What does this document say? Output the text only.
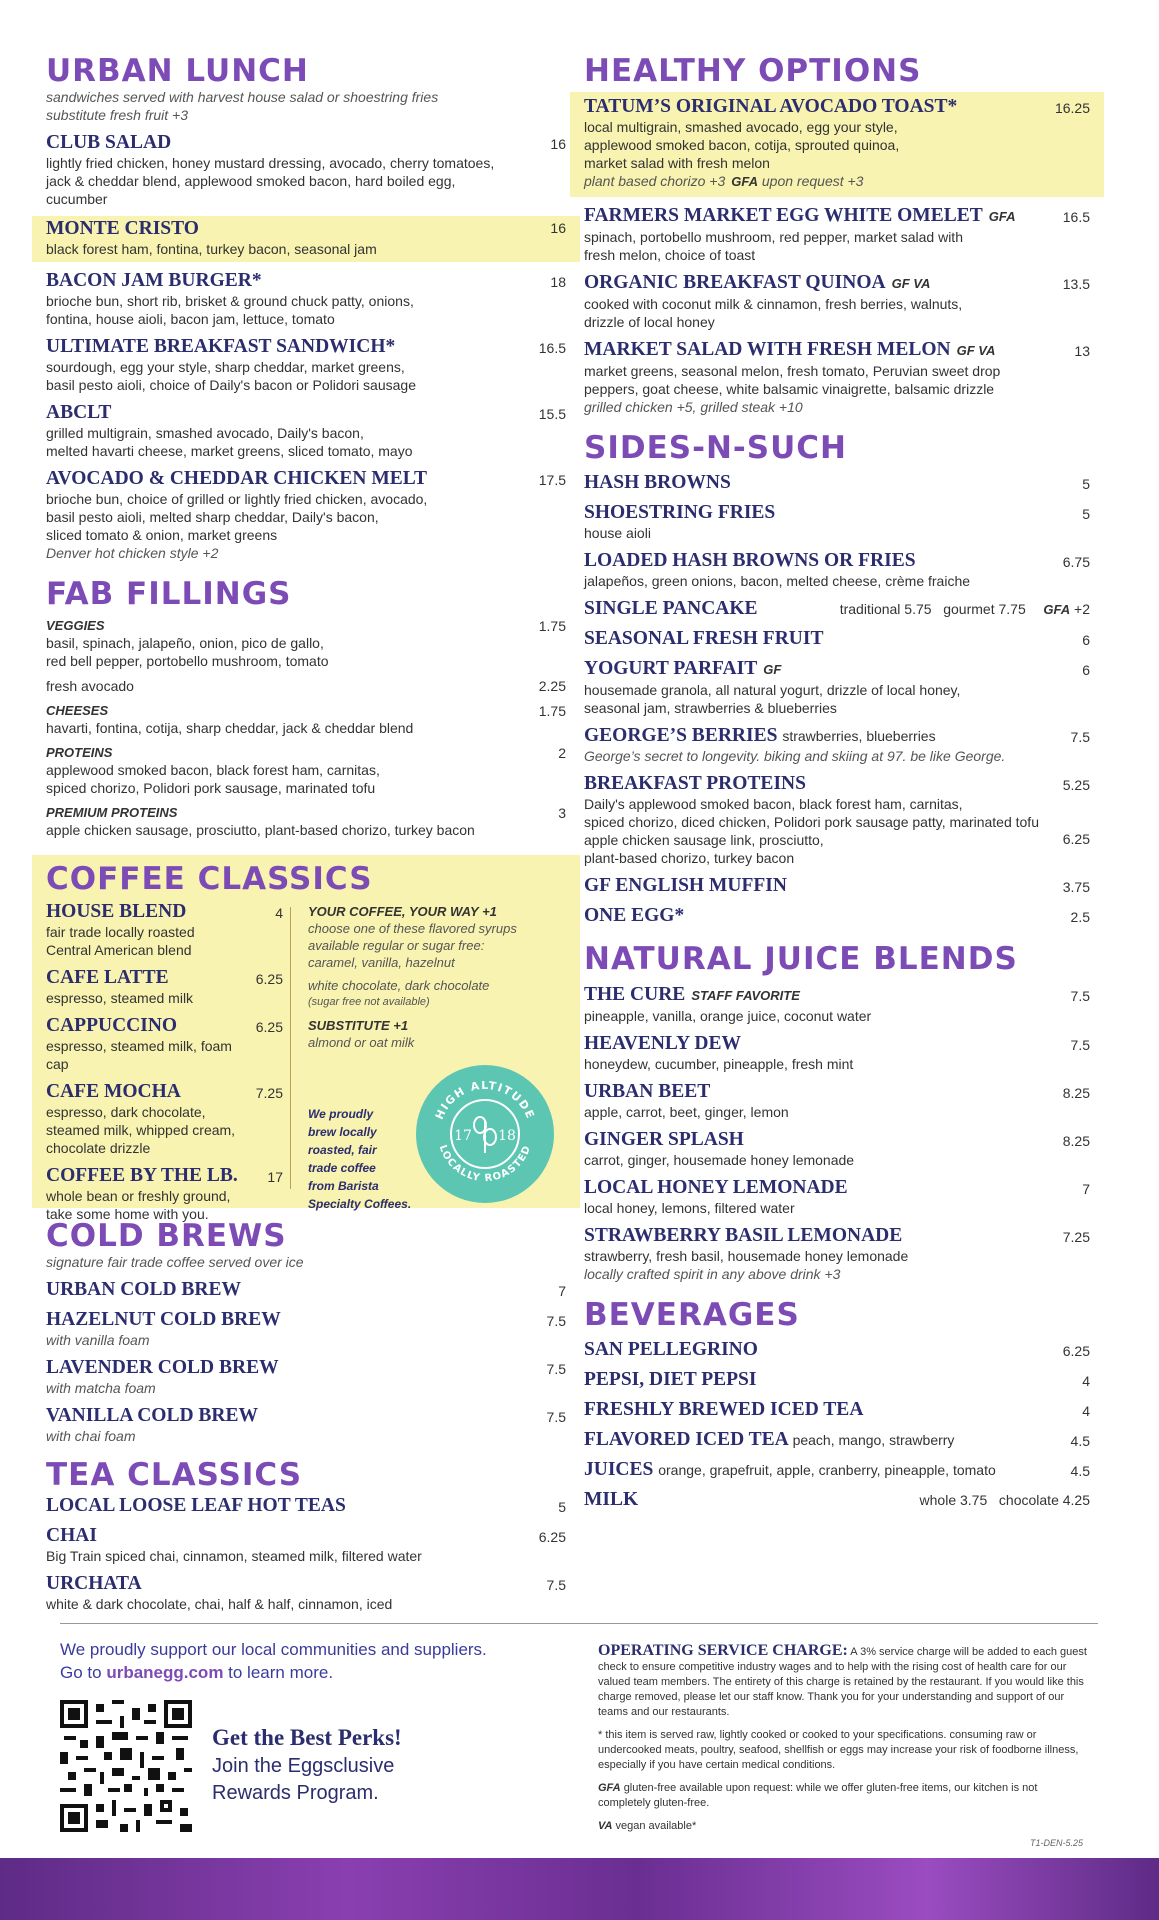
URBAN LUNCH
sandwiches served with harvest house salad or shoestring fries
substitute fresh fruit +3
CLUB SALAD	16
lightly fried chicken, honey mustard dressing, avocado, cherry tomatoes,
jack & cheddar blend, applewood smoked bacon, hard boiled egg, cucumber
MONTE CRISTO	16
black forest ham, fontina, turkey bacon, seasonal jam
BACON JAM BURGER*	18
brioche bun, short rib, brisket & ground chuck patty, onions,
fontina, house aioli, bacon jam, lettuce, tomato
ULTIMATE BREAKFAST SANDWICH*	16.5
sourdough, egg your style, sharp cheddar, market greens,
basil pesto aioli, choice of Daily's bacon or Polidori sausage
ABCLT	15.5
grilled multigrain, smashed avocado, Daily's bacon,
melted havarti cheese, market greens, sliced tomato, mayo
AVOCADO & CHEDDAR CHICKEN MELT	17.5
brioche bun, choice of grilled or lightly fried chicken, avocado,
basil pesto aioli, melted sharp cheddar, Daily's bacon,
sliced tomato & onion, market greens
Denver hot chicken style +2
FAB FILLINGS
VEGGIES	1.75
basil, spinach, jalapeño, onion, pico de gallo,
red bell pepper, portobello mushroom, tomato
fresh avocado	2.25
CHEESES	1.75
havarti, fontina, cotija, sharp cheddar, jack & cheddar blend
PROTEINS	2
applewood smoked bacon, black forest ham, carnitas,
spiced chorizo, Polidori pork sausage, marinated tofu
PREMIUM PROTEINS	3
apple chicken sausage, prosciutto, plant-based chorizo, turkey bacon
COFFEE CLASSICS
HOUSE BLEND	4
fair trade locally roasted
Central American blend
CAFE LATTE	6.25
espresso, steamed milk
CAPPUCCINO	6.25
espresso, steamed milk, foam cap
CAFE MOCHA	7.25
espresso, dark chocolate,
steamed milk, whipped cream,
chocolate drizzle
COFFEE BY THE LB.	17
whole bean or freshly ground,
take some home with you.
YOUR COFFEE, YOUR WAY +1
choose one of these flavored syrups
available regular or sugar free:
caramel, vanilla, hazelnut
white chocolate, dark chocolate
(sugar free not available)
SUBSTITUTE +1
almond or oat milk
We proudly
brew locally
roasted, fair
trade coffee
from Barista
Specialty Coffees.
HIGH ALTITUDE
LOCALLY ROASTED
17 18
COLD BREWS
signature fair trade coffee served over ice
URBAN COLD BREW	7
HAZELNUT COLD BREW	7.5
with vanilla foam
LAVENDER COLD BREW	7.5
with matcha foam
VANILLA COLD BREW	7.5
with chai foam
TEA CLASSICS
LOCAL LOOSE LEAF HOT TEAS	5
CHAI	6.25
Big Train spiced chai, cinnamon, steamed milk, filtered water
URCHATA	7.5
white & dark chocolate, chai, half & half, cinnamon, iced
HEALTHY OPTIONS
TATUM’S ORIGINAL AVOCADO TOAST*	16.25
local multigrain, smashed avocado, egg your style,
applewood smoked bacon, cotija, sprouted quinoa,
market salad with fresh melon
plant based chorizo +3 GFA upon request +3
FARMERS MARKET EGG WHITE OMELET GFA	16.5
spinach, portobello mushroom, red pepper, market salad with
fresh melon, choice of toast
ORGANIC BREAKFAST QUINOA GF VA	13.5
cooked with coconut milk & cinnamon, fresh berries, walnuts,
drizzle of local honey
MARKET SALAD WITH FRESH MELON GF VA	13
market greens, seasonal melon, fresh tomato, Peruvian sweet drop
peppers, goat cheese, white balsamic vinaigrette, balsamic drizzle
grilled chicken +5, grilled steak +10
SIDES-N-SUCH
HASH BROWNS	5
SHOESTRING FRIES	5
house aioli
LOADED HASH BROWNS OR FRIES	6.75
jalapeños, green onions, bacon, melted cheese, crème fraiche
SINGLE PANCAKE	traditional 5.75 gourmet 7.75 GFA +2
SEASONAL FRESH FRUIT	6
YOGURT PARFAIT GF	6
housemade granola, all natural yogurt, drizzle of local honey,
seasonal jam, strawberries & blueberries
GEORGE’S BERRIES strawberries, blueberries	7.5
George’s secret to longevity. biking and skiing at 97. be like George.
BREAKFAST PROTEINS	5.25
Daily's applewood smoked bacon, black forest ham, carnitas,
spiced chorizo, diced chicken, Polidori pork sausage patty, marinated tofu
apple chicken sausage link, prosciutto,	6.25
plant-based chorizo, turkey bacon
GF ENGLISH MUFFIN	3.75
ONE EGG*	2.5
NATURAL JUICE BLENDS
THE CURE STAFF FAVORITE	7.5
pineapple, vanilla, orange juice, coconut water
HEAVENLY DEW	7.5
honeydew, cucumber, pineapple, fresh mint
URBAN BEET	8.25
apple, carrot, beet, ginger, lemon
GINGER SPLASH	8.25
carrot, ginger, housemade honey lemonade
LOCAL HONEY LEMONADE	7
local honey, lemons, filtered water
STRAWBERRY BASIL LEMONADE	7.25
strawberry, fresh basil, housemade honey lemonade
locally crafted spirit in any above drink +3
BEVERAGES
SAN PELLEGRINO	6.25
PEPSI, DIET PEPSI	4
FRESHLY BREWED ICED TEA	4
FLAVORED ICED TEA peach, mango, strawberry	4.5
JUICES orange, grapefruit, apple, cranberry, pineapple, tomato	4.5
MILK	whole 3.75 chocolate 4.25
We proudly support our local communities and suppliers.
Go to urbanegg.com to learn more.
Get the Best Perks!
Join the Eggsclusive
Rewards Program.
OPERATING SERVICE CHARGE: A 3% service charge will be added to each guest check to ensure competitive industry wages and to help with the rising cost of health care for our valued team members. The entirety of this charge is retained by the restaurant. If you would like this charge removed, please let our staff know. Thank you for your understanding and support of our teams and our restaurants.
* this item is served raw, lightly cooked or cooked to your specifications. consuming raw or undercooked meats, poultry, seafood, shellfish or eggs may increase your risk of foodborne illness, especially if you have certain medical conditions.
GFA gluten-free available upon request: while we offer gluten-free items, our kitchen is not completely gluten-free.
VA vegan available*
T1-DEN-5.25
